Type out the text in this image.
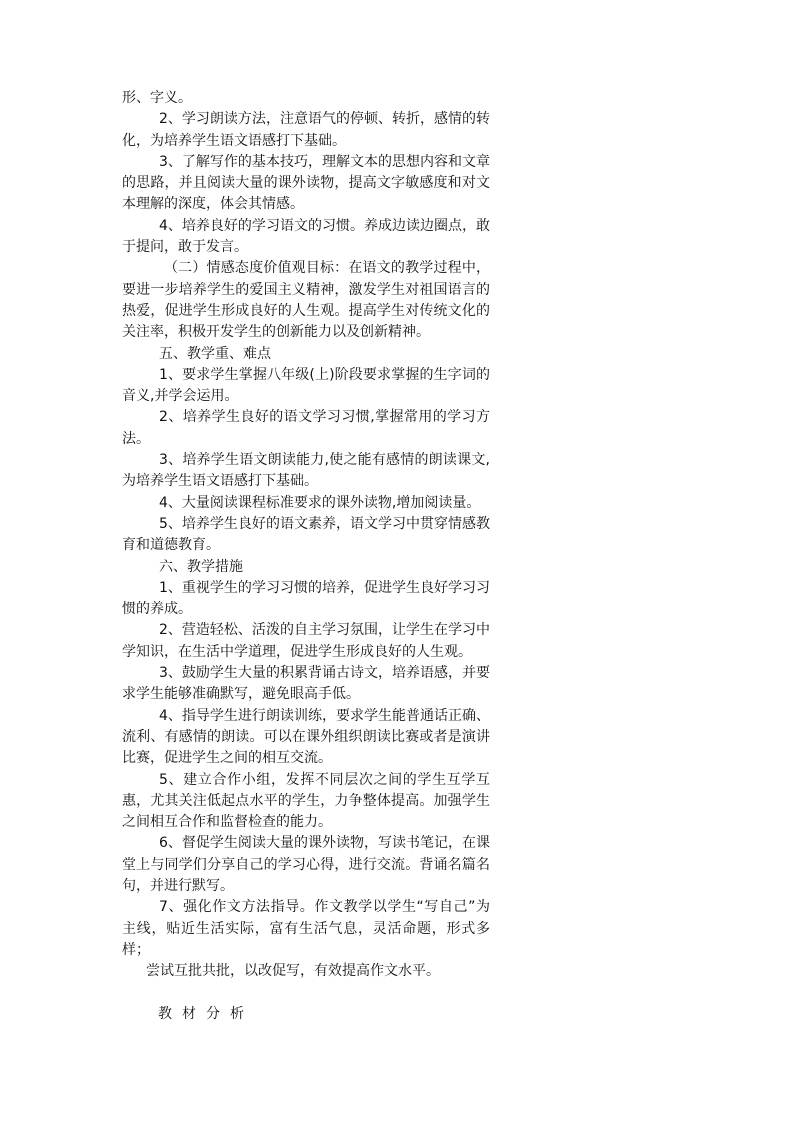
形、字义。

2、学习朗读方法，注意语气的停顿、转折，感情的转化，为培养学生语文语感打下基础。

3、了解写作的基本技巧，理解文本的思想内容和文章的思路，并且阅读大量的课外读物，提高文字敏感度和对文本理解的深度，体会其情感。

4、培养良好的学习语文的习惯。养成边读边圈点，敢于提问，敢于发言。

（二）情感态度价值观目标：在语文的教学过程中，要进一步培养学生的爱国主义精神，激发学生对祖国语言的热爱，促进学生形成良好的人生观。提高学生对传统文化的关注率，积极开发学生的创新能力以及创新精神。

五、教学重、难点

1、要求学生掌握八年级(上)阶段要求掌握的生字词的音义,并学会运用。

2、培养学生良好的语文学习习惯,掌握常用的学习方法。

3、培养学生语文朗读能力,使之能有感情的朗读课文,为培养学生语文语感打下基础。

4、大量阅读课程标准要求的课外读物,增加阅读量。

5、培养学生良好的语文素养，语文学习中贯穿情感教育和道德教育。

六、教学措施

1、重视学生的学习习惯的培养，促进学生良好学习习惯的养成。

2、营造轻松、活泼的自主学习氛围，让学生在学习中学知识，在生活中学道理，促进学生形成良好的人生观。

3、鼓励学生大量的积累背诵古诗文，培养语感，并要求学生能够准确默写，避免眼高手低。

4、指导学生进行朗读训练，要求学生能普通话正确、流利、有感情的朗读。可以在课外组织朗读比赛或者是演讲比赛，促进学生之间的相互交流。

5、建立合作小组，发挥不同层次之间的学生互学互惠，尤其关注低起点水平的学生，力争整体提高。加强学生之间相互合作和监督检查的能力。

6、督促学生阅读大量的课外读物，写读书笔记，在课堂上与同学们分享自己的学习心得，进行交流。背诵名篇名句，并进行默写。

7、强化作文方法指导。作文教学以学生“写自己”为主线，贴近生活实际，富有生活气息，灵活命题，形式多样；

尝试互批共批，以改促写，有效提高作文水平。

教材分析
